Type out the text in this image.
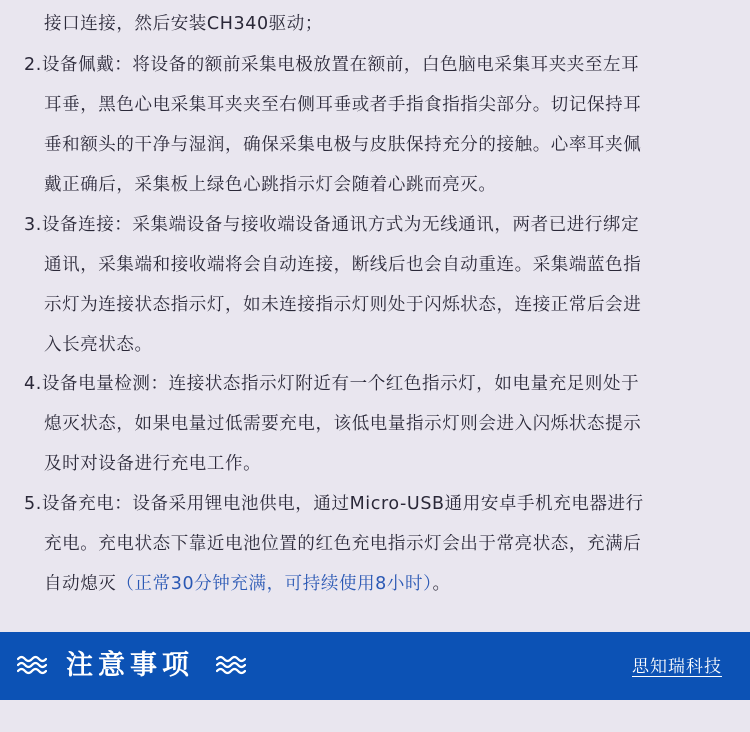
接口连接，然后安装CH340驱动；
2.设备佩戴：将设备的额前采集电极放置在额前，白色脑电采集耳夹夹至左耳
耳垂，黑色心电采集耳夹夹至右侧耳垂或者手指食指指尖部分。切记保持耳
垂和额头的干净与湿润，确保采集电极与皮肤保持充分的接触。心率耳夹佩
戴正确后，采集板上绿色心跳指示灯会随着心跳而亮灭。
3.设备连接：采集端设备与接收端设备通讯方式为无线通讯，两者已进行绑定
通讯，采集端和接收端将会自动连接，断线后也会自动重连。采集端蓝色指
示灯为连接状态指示灯，如未连接指示灯则处于闪烁状态，连接正常后会进
入长亮状态。
4.设备电量检测：连接状态指示灯附近有一个红色指示灯，如电量充足则处于
熄灭状态，如果电量过低需要充电，该低电量指示灯则会进入闪烁状态提示
及时对设备进行充电工作。
5.设备充电：设备采用锂电池供电，通过Micro-USB通用安卓手机充电器进行
充电。充电状态下靠近电池位置的红色充电指示灯会出于常亮状态，充满后
自动熄灭（正常30分钟充满，可持续使用8小时）。
注意事项	思知瑞科技
